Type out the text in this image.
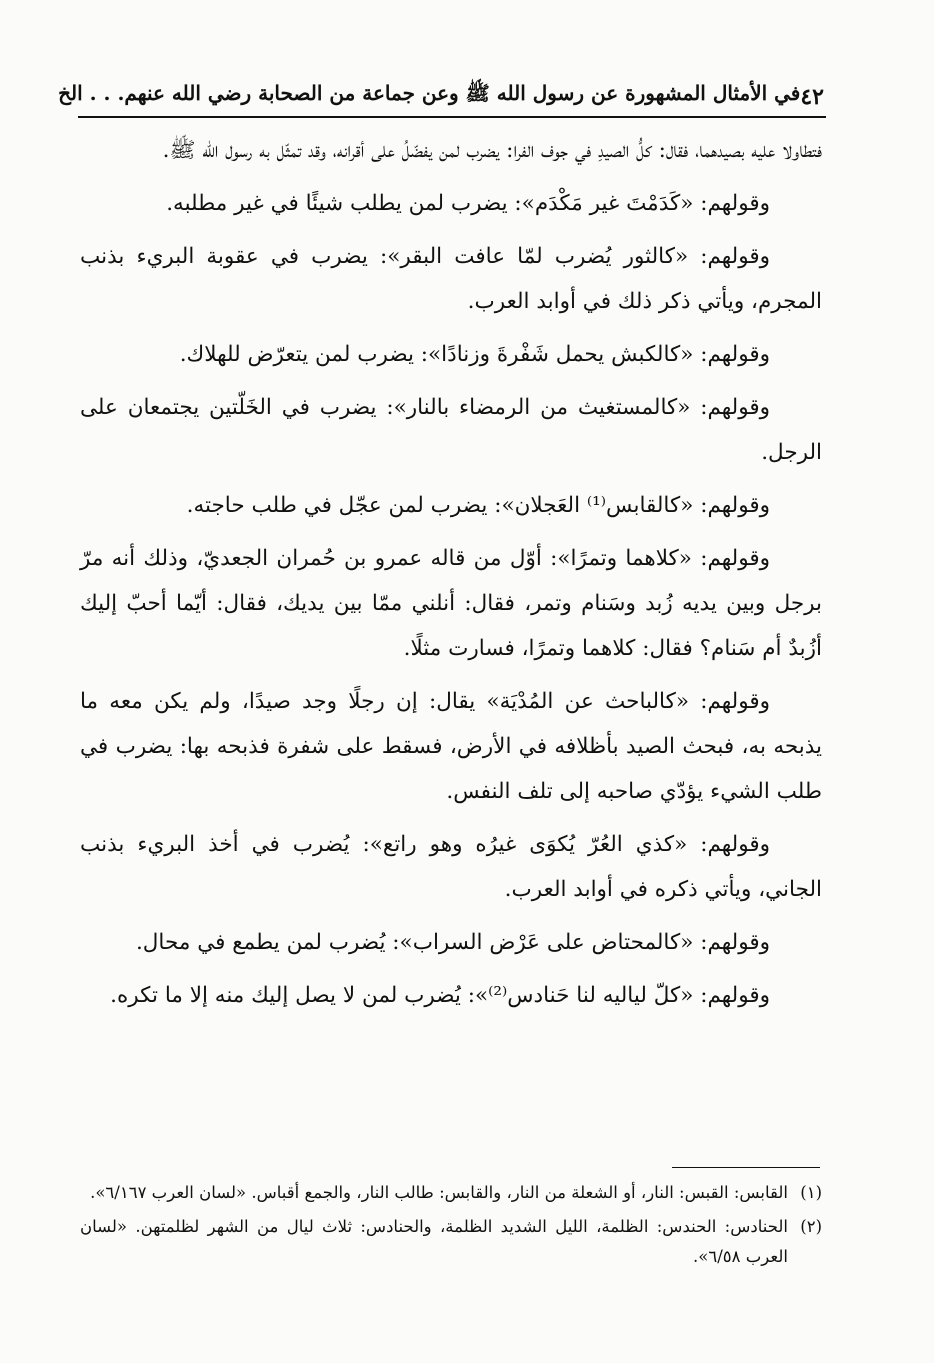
٤٢
في الأمثال المشهورة عن رسول الله ﷺ وعن جماعة من الصحابة رضي الله عنهم. . . الخ

فتطاولا عليه بصيدهما، فقال: كلُّ الصيدِ في جوف الفرا: يضرب لمن يفضّلُ على أقرانه، وقد تمثّل به رسول الله ﷺ.

وقولهم: «كَدَمْتَ غير مَكْدَم»: يضرب لمن يطلب شيئًا في غير مطلبه.

وقولهم: «كالثور يُضرب لمّا عافت البقر»: يضرب في عقوبة البريء بذنب المجرم، ويأتي ذكر ذلك في أوابد العرب.

وقولهم: «كالكبش يحمل شَفْرةَ وزنادًا»: يضرب لمن يتعرّض للهلاك.

وقولهم: «كالمستغيث من الرمضاء بالنار»: يضرب في الخَلّتين يجتمعان على الرجل.

وقولهم: «كالقابس⁽¹⁾ العَجلان»: يضرب لمن عجّل في طلب حاجته.

وقولهم: «كلاهما وتمرًا»: أوّل من قاله عمرو بن حُمران الجعديّ، وذلك أنه مرّ برجل وبين يديه زُبد وسَنام وتمر، فقال: أنلني ممّا بين يديك، فقال: أيّما أحبّ إليك أزُبدٌ أم سَنام؟ فقال: كلاهما وتمرًا، فسارت مثلًا.

وقولهم: «كالباحث عن المُدْيَة» يقال: إن رجلًا وجد صيدًا، ولم يكن معه ما يذبحه به، فبحث الصيد بأظلافه في الأرض، فسقط على شفرة فذبحه بها: يضرب في طلب الشيء يؤدّي صاحبه إلى تلف النفس.

وقولهم: «كذي العُرّ يُكوَى غيرُه وهو راتع»: يُضرب في أخذ البريء بذنب الجاني، ويأتي ذكره في أوابد العرب.

وقولهم: «كالمحتاض على عَرْض السراب»: يُضرب لمن يطمع في محال.

وقولهم: «كلّ لياليه لنا حَنادس⁽²⁾»: يُضرب لمن لا يصل إليك منه إلا ما تكره.

(١)
القابس: القبس: النار، أو الشعلة من النار، والقابس: طالب النار، والجمع أقباس. «لسان العرب ٦/١٦٧».
(٢)
الحنادس: الحندس: الظلمة، الليل الشديد الظلمة، والحنادس: ثلاث ليال من الشهر لظلمتهن. «لسان العرب ٦/٥٨».
